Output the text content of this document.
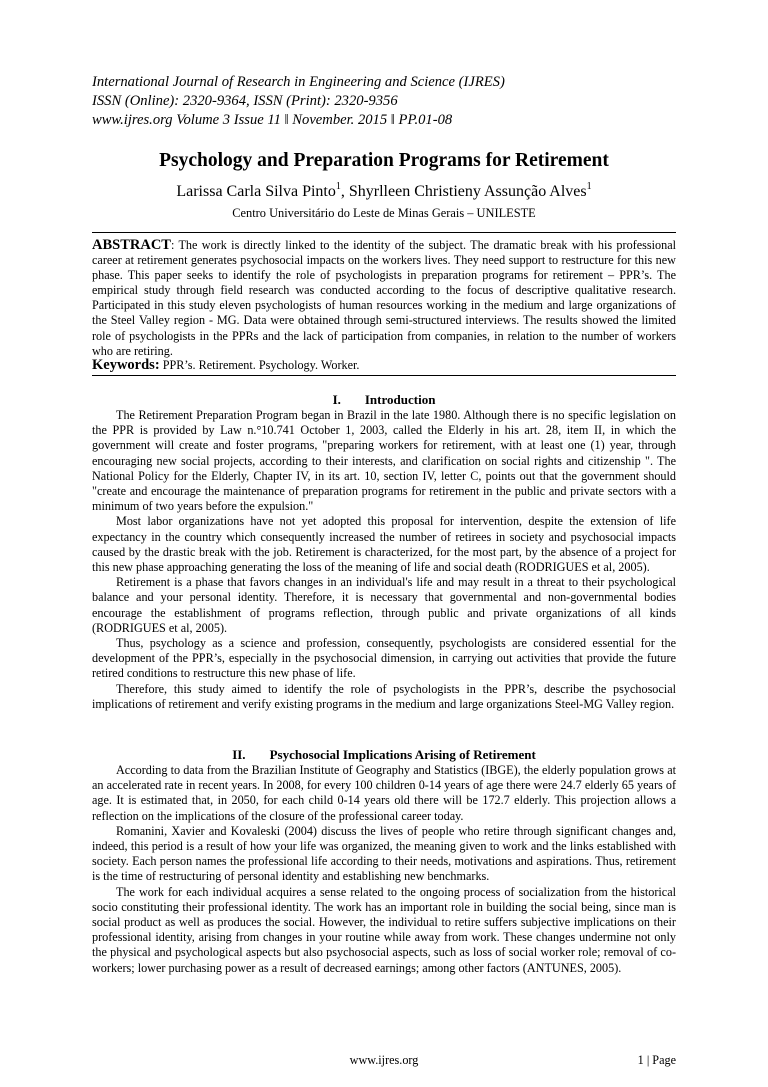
International Journal of Research in Engineering and Science (IJRES)
ISSN (Online): 2320-9364, ISSN (Print): 2320-9356
www.ijres.org Volume 3 Issue 11 ǁ November. 2015 ǁ PP.01-08
Psychology and Preparation Programs for Retirement
Larissa Carla Silva Pinto$^1$, Shyrlleen Christieny Assunção Alves$^1$
Centro Universitário do Leste de Minas Gerais – UNILESTE
ABSTRACT: The work is directly linked to the identity of the subject. The dramatic break with his professional career at retirement generates psychosocial impacts on the workers lives. They need support to restructure for this new phase. This paper seeks to identify the role of psychologists in preparation programs for retirement – PPR’s. The empirical study through field research was conducted according to the focus of descriptive qualitative research. Participated in this study eleven psychologists of human resources working in the medium and large organizations of the Steel Valley region - MG. Data were obtained through semi-structured interviews. The results showed the limited role of psychologists in the PPRs and the lack of participation from companies, in relation to the number of workers who are retiring.
Keywords: PPR’s. Retirement. Psychology. Worker.
I. Introduction

The Retirement Preparation Program began in Brazil in the late 1980. Although there is no specific legislation on the PPR is provided by Law n.°10.741 October 1, 2003, called the Elderly in his art. 28, item II, in which the government will create and foster programs, "preparing workers for retirement, with at least one (1) year, through encouraging new social projects, according to their interests, and clarification on social rights and citizenship ". The National Policy for the Elderly, Chapter IV, in its art. 10, section IV, letter C, points out that the government should "create and encourage the maintenance of preparation programs for retirement in the public and private sectors with a minimum of two years before the expulsion."

Most labor organizations have not yet adopted this proposal for intervention, despite the extension of life expectancy in the country which consequently increased the number of retirees in society and psychosocial impacts caused by the drastic break with the job. Retirement is characterized, for the most part, by the absence of a project for this new phase approaching generating the loss of the meaning of life and social death (RODRIGUES et al, 2005).

Retirement is a phase that favors changes in an individual's life and may result in a threat to their psychological balance and your personal identity. Therefore, it is necessary that governmental and non-governmental bodies encourage the establishment of programs reflection, through public and private organizations of all kinds (RODRIGUES et al, 2005).

Thus, psychology as a science and profession, consequently, psychologists are considered essential for the development of the PPR’s, especially in the psychosocial dimension, in carrying out activities that provide the future retired conditions to restructure this new phase of life.

Therefore, this study aimed to identify the role of psychologists in the PPR’s, describe the psychosocial implications of retirement and verify existing programs in the medium and large organizations Steel-MG Valley region.

II. Psychosocial Implications Arising of Retirement

According to data from the Brazilian Institute of Geography and Statistics (IBGE), the elderly population grows at an accelerated rate in recent years. In 2008, for every 100 children 0-14 years of age there were 24.7 elderly 65 years of age. It is estimated that, in 2050, for each child 0-14 years old there will be 172.7 elderly. This projection allows a reflection on the implications of the closure of the professional career today.

Romanini, Xavier and Kovaleski (2004) discuss the lives of people who retire through significant changes and, indeed, this period is a result of how your life was organized, the meaning given to work and the links established with society. Each person names the professional life according to their needs, motivations and aspirations. Thus, retirement is the time of restructuring of personal identity and establishing new benchmarks.

The work for each individual acquires a sense related to the ongoing process of socialization from the historical socio constituting their professional identity. The work has an important role in building the social being, since man is social product as well as produces the social. However, the individual to retire suffers subjective implications on their professional identity, arising from changes in your routine while away from work. These changes undermine not only the physical and psychological aspects but also psychosocial aspects, such as loss of social worker role; removal of co-workers; lower purchasing power as a result of decreased earnings; among other factors (ANTUNES, 2005).

www.ijres.org	1 | Page
